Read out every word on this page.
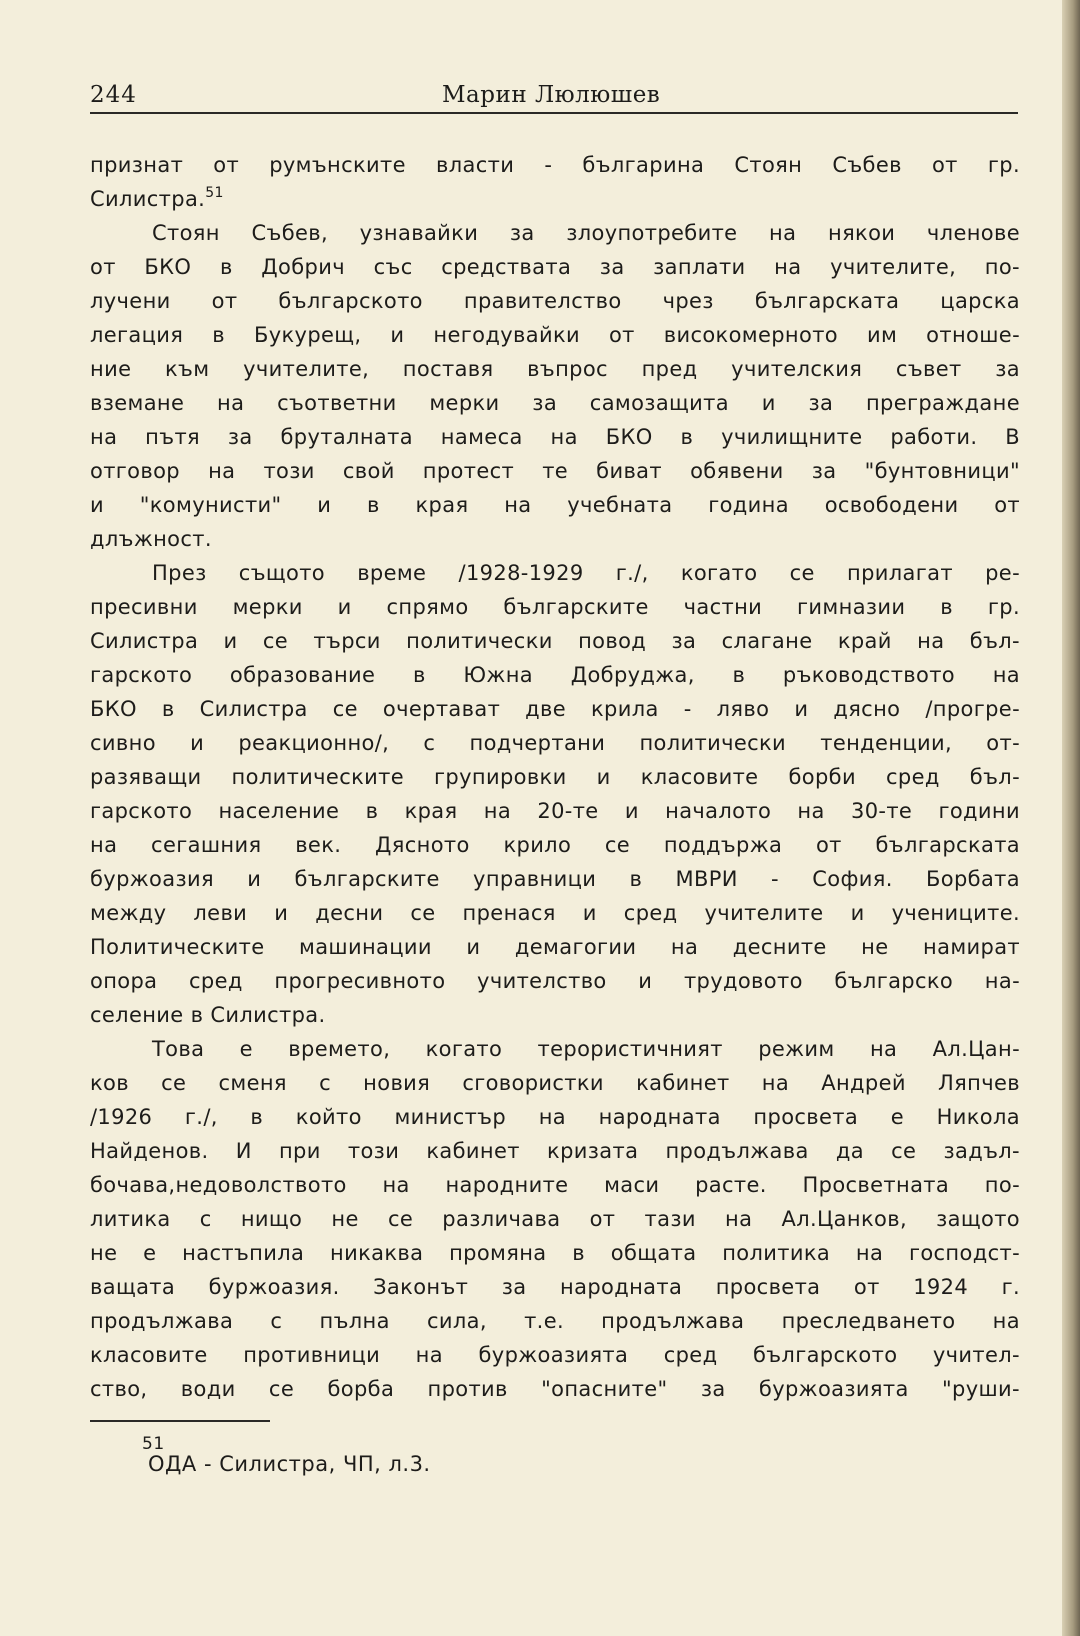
244	Марин Люлюшев
признат от румънските власти - българина Стоян Събев от гр.
Силистра.$^{51}$
Стоян Събев, узнавайки за злоупотребите на някои членове
от БКО в Добрич със средствата за заплати на учителите, по-
лучени от българското правителство чрез българската царска
легация в Букурещ, и негодувайки от високомерното им отноше-
ние към учителите, поставя въпрос пред учителския съвет за
вземане на съответни мерки за самозащита и за преграждане
на пътя за бруталната намеса на БКО в училищните работи. В
отговор на този свой протест те биват обявени за "бунтовници"
и "комунисти" и в края на учебната година освободени от
длъжност.
През същото време /1928-1929 г./, когато се прилагат ре-
пресивни мерки и спрямо българските частни гимназии в гр.
Силистра и се търси политически повод за слагане край на бъл-
гарското образование в Южна Добруджа, в ръководството на
БКО в Силистра се очертават две крила - ляво и дясно /прогре-
сивно и реакционно/, с подчертани политически тенденции, от-
разяващи политическите групировки и класовите борби сред бъл-
гарското население в края на 20-те и началото на 30-те години
на сегашния век. Дясното крило се поддържа от българската
буржоазия и българските управници в МВРИ - София. Борбата
между леви и десни се пренася и сред учителите и учениците.
Политическите машинации и демагогии на десните не намират
опора сред прогресивното учителство и трудовото българско на-
селение в Силистра.
Това е времето, когато терористичният режим на Ал.Цан-
ков се сменя с новия сговористки кабинет на Андрей Ляпчев
/1926 г./, в който министър на народната просвета е Никола
Найденов. И при този кабинет кризата продължава да се задъл-
бочава,недоволството на народните маси расте. Просветната по-
литика с нищо не се различава от тази на Ал.Цанков, защото
не е настъпила никаква промяна в общата политика на господст-
ващата буржоазия. Законът за народната просвета от 1924 г.
продължава с пълна сила, т.е. продължава преследването на
класовите противници на буржоазията сред българското учител-
ство, води се борба против "опасните" за буржоазията "руши-
51
ОДА - Силистра, ЧП, л.3.
